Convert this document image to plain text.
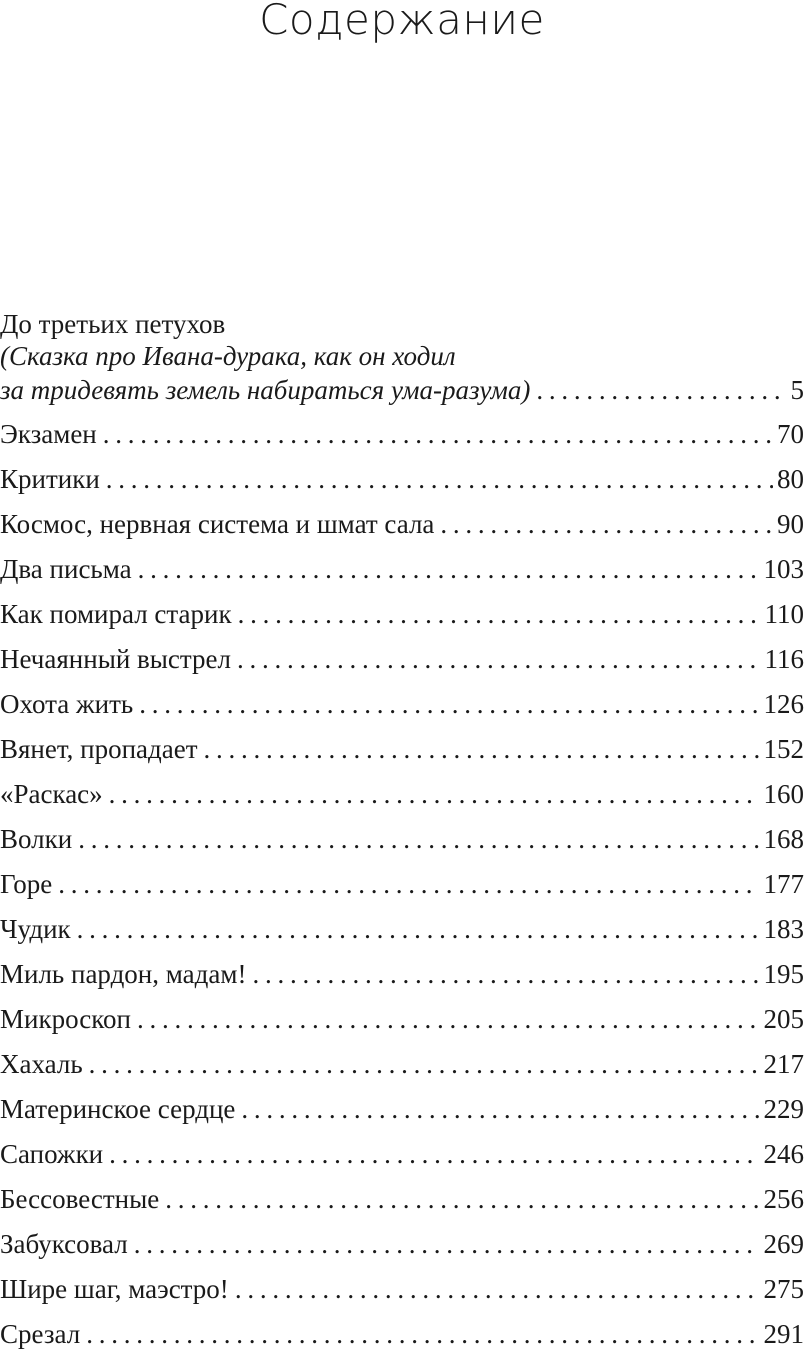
Содержание
До третьих петухов
(Сказка про Ивана-дурака, как он ходил
за тридевять земель набираться ума-разума) . . .	5
Экзамен . . .	70
Критики . . .	80
Космос, нервная система и шмат сала . . .	90
Два письма . . .	103
Как помирал старик . . .	110
Нечаянный выстрел . . .	116
Охота жить . . .	126
Вянет, пропадает . . .	152
«Раскас» . . .	160
Волки . . .	168
Горе . . .	177
Чудик . . .	183
Миль пардон, мадам! . . .	195
Микроскоп . . .	205
Хахаль . . .	217
Материнское сердце . . .	229
Сапожки . . .	246
Бессовестные . . .	256
Забуксовал . . .	269
Шире шаг, маэстро! . . .	275
Срезал . . .	291
